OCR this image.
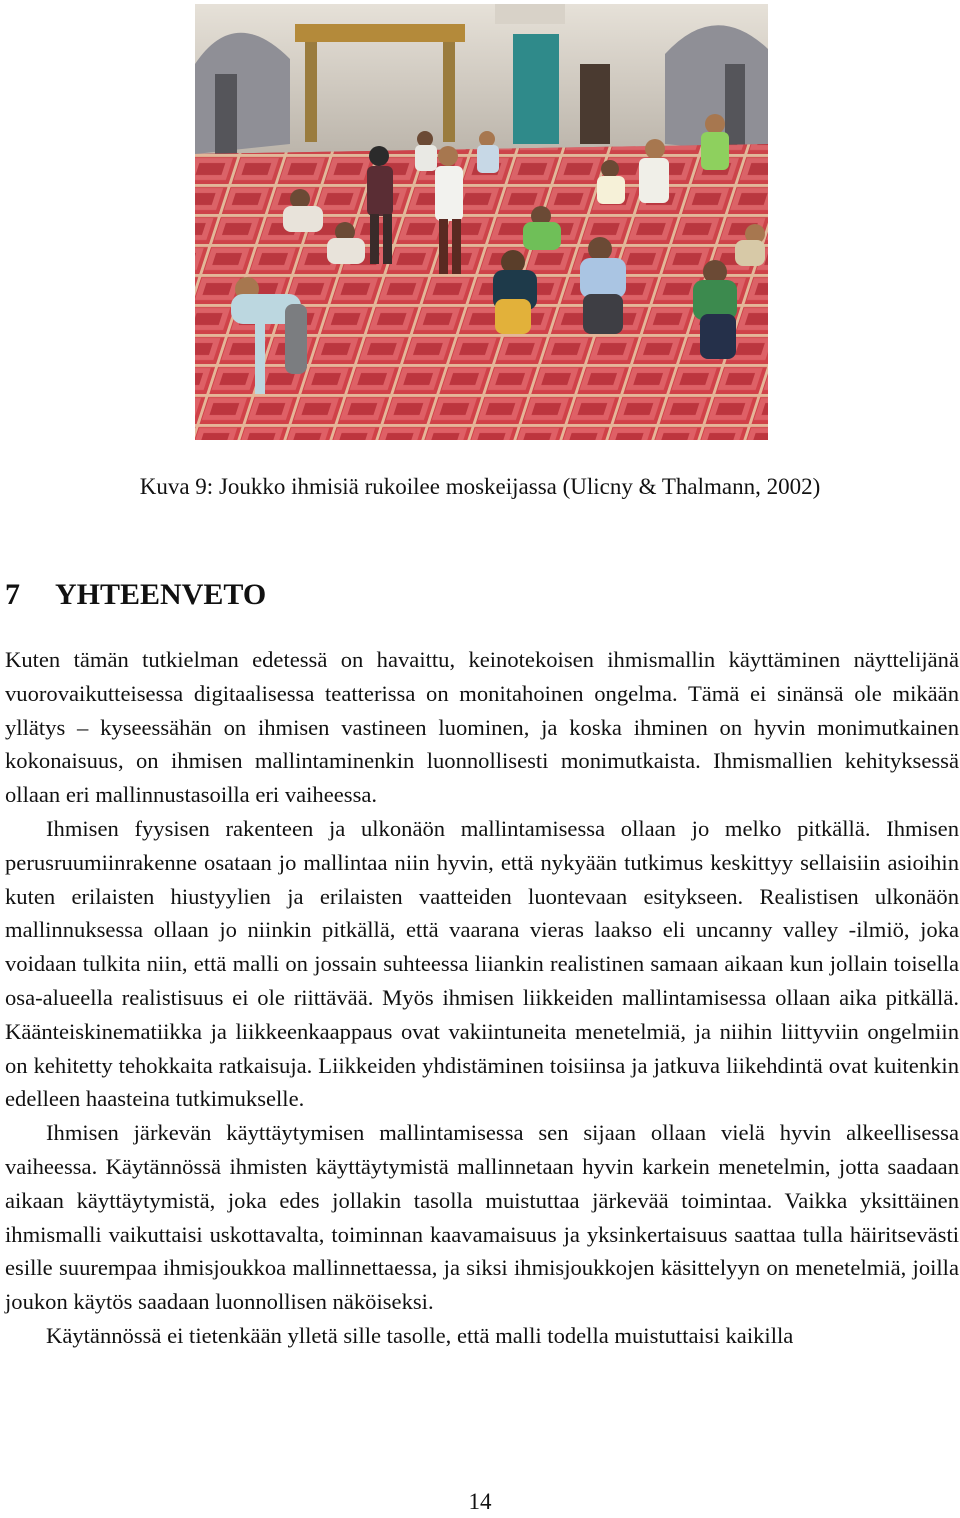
Kuva 9: Joukko ihmisiä rukoilee moskeijassa (Ulicny & Thalmann, 2002)
7 YHTEENVETO

Kuten tämän tutkielman edetessä on havaittu, keinotekoisen ihmismallin käyttäminen näyttelijänä vuorovaikutteisessa digitaalisessa teatterissa on monitahoinen ongelma. Tämä ei sinänsä ole mikään yllätys – kyseessähän on ihmisen vastineen luominen, ja koska ihminen on hyvin monimutkainen kokonaisuus, on ihmisen mallintaminenkin luonnollisesti monimutkaista. Ihmismallien kehityksessä ollaan eri mallinnustasoilla eri vaiheessa.

Ihmisen fyysisen rakenteen ja ulkonäön mallintamisessa ollaan jo melko pitkällä. Ihmisen perusruumiinrakenne osataan jo mallintaa niin hyvin, että nykyään tutkimus keskittyy sellaisiin asioihin kuten erilaisten hiustyylien ja erilaisten vaatteiden luontevaan esitykseen. Realistisen ulkonäön mallinnuksessa ollaan jo niinkin pitkällä, että vaarana vieras laakso eli uncanny valley -ilmiö, joka voidaan tulkita niin, että malli on jossain suhteessa liiankin realistinen samaan aikaan kun jollain toisella osa-alueella realistisuus ei ole riittävää. Myös ihmisen liikkeiden mallintamisessa ollaan aika pitkällä. Käänteiskinematiikka ja liikkeenkaappaus ovat vakiintuneita menetelmiä, ja niihin liittyviin ongelmiin on kehitetty tehokkaita ratkaisuja. Liikkeiden yhdistäminen toisiinsa ja jatkuva liikehdintä ovat kuitenkin edelleen haasteina tutkimukselle.

Ihmisen järkevän käyttäytymisen mallintamisessa sen sijaan ollaan vielä hyvin alkeellisessa vaiheessa. Käytännössä ihmisten käyttäytymistä mallinnetaan hyvin karkein menetelmin, jotta saadaan aikaan käyttäytymistä, joka edes jollakin tasolla muistuttaa järkevää toimintaa. Vaikka yksittäinen ihmismalli vaikuttaisi uskottavalta, toiminnan kaavamaisuus ja yksinkertaisuus saattaa tulla häiritsevästi esille suurempaa ihmisjoukkoa mallinnettaessa, ja siksi ihmisjoukkojen käsittelyyn on menetelmiä, joilla joukon käytös saadaan luonnollisen näköiseksi.

Käytännössä ei tietenkään ylletä sille tasolle, että malli todella muistuttaisi kaikilla

14
